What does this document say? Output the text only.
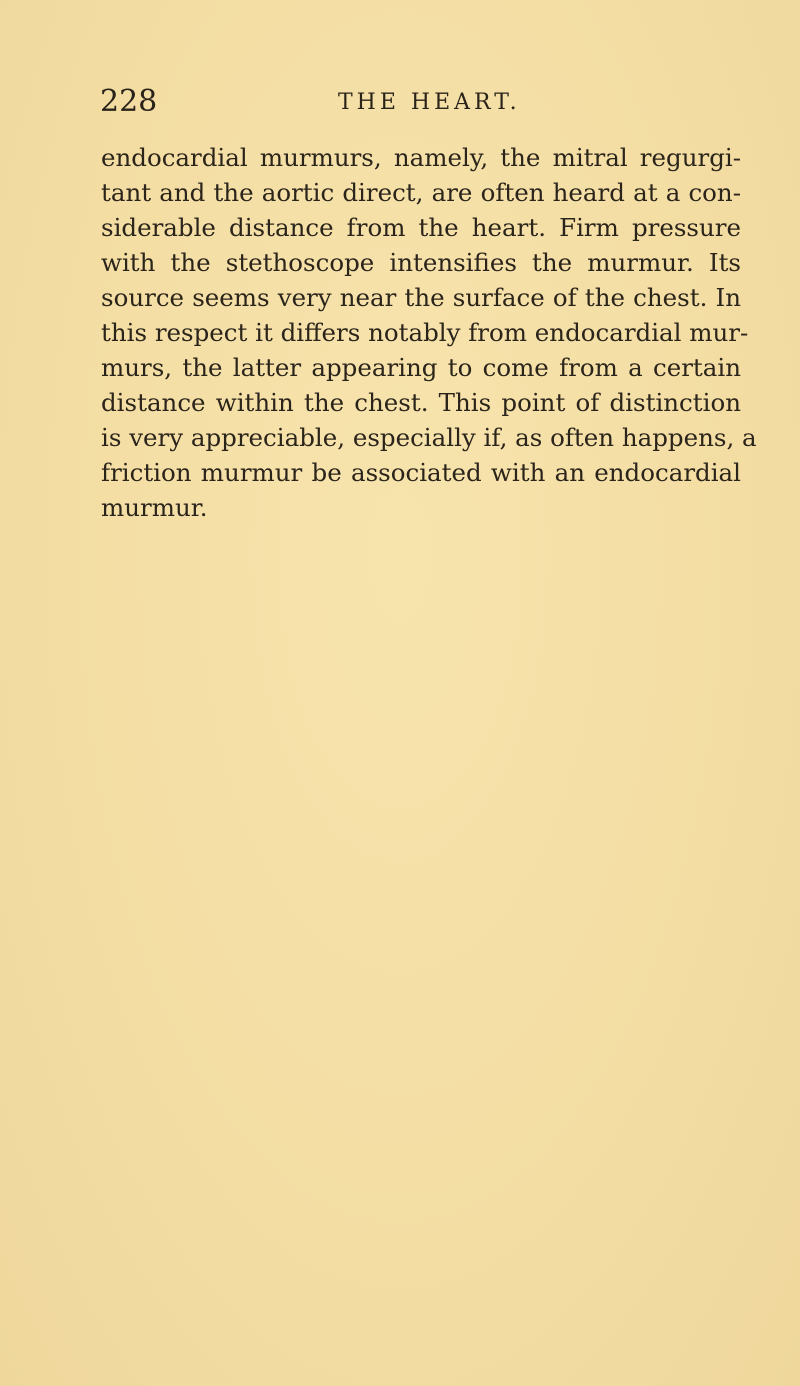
228	THE HEART.
endocardial murmurs, namely, the mitral regurgi-
tant and the aortic direct, are often heard at a con-
siderable distance from the heart. Firm pressure
with the stethoscope intensifies the murmur. Its
source seems very near the surface of the chest. In
this respect it differs notably from endocardial mur-
murs, the latter appearing to come from a certain
distance within the chest. This point of distinction
is very appreciable, especially if, as often happens, a
friction murmur be associated with an endocardial
murmur.
